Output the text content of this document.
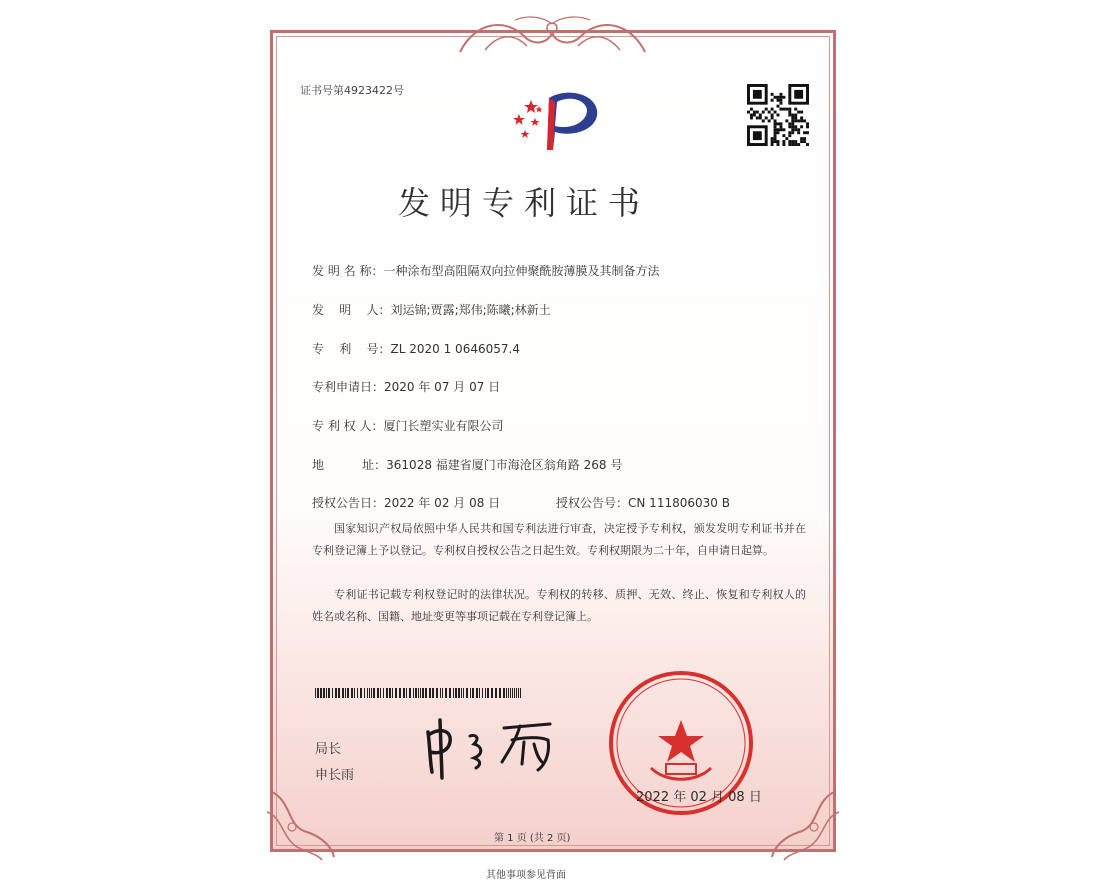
证书号第4923422号
发明专利证书
发 明 名 称：一种涂布型高阻隔双向拉伸聚酰胺薄膜及其制备方法
发    明    人：刘运锦;贾露;郑伟;陈曦;林新土
专    利    号：ZL 2020 1 0646057.4
专利申请日：2020 年 07 月 07 日
专 利 权 人：厦门长塑实业有限公司
地          址：361028 福建省厦门市海沧区翁角路 268 号
授权公告日：2022 年 02 月 08 日	授权公告号：CN 111806030 B
国家知识产权局依照中华人民共和国专利法进行审查，决定授予专利权，颁发发明专利证书并在专利登记簿上予以登记。专利权自授权公告之日起生效。专利权期限为二十年，自申请日起算。
专利证书记载专利权登记时的法律状况。专利权的转移、质押、无效、终止、恢复和专利权人的姓名或名称、国籍、地址变更等事项记载在专利登记簿上。
局长
申长雨
2022 年 02 月 08 日
第 1 页 (共 2 页)
其他事项参见背面
